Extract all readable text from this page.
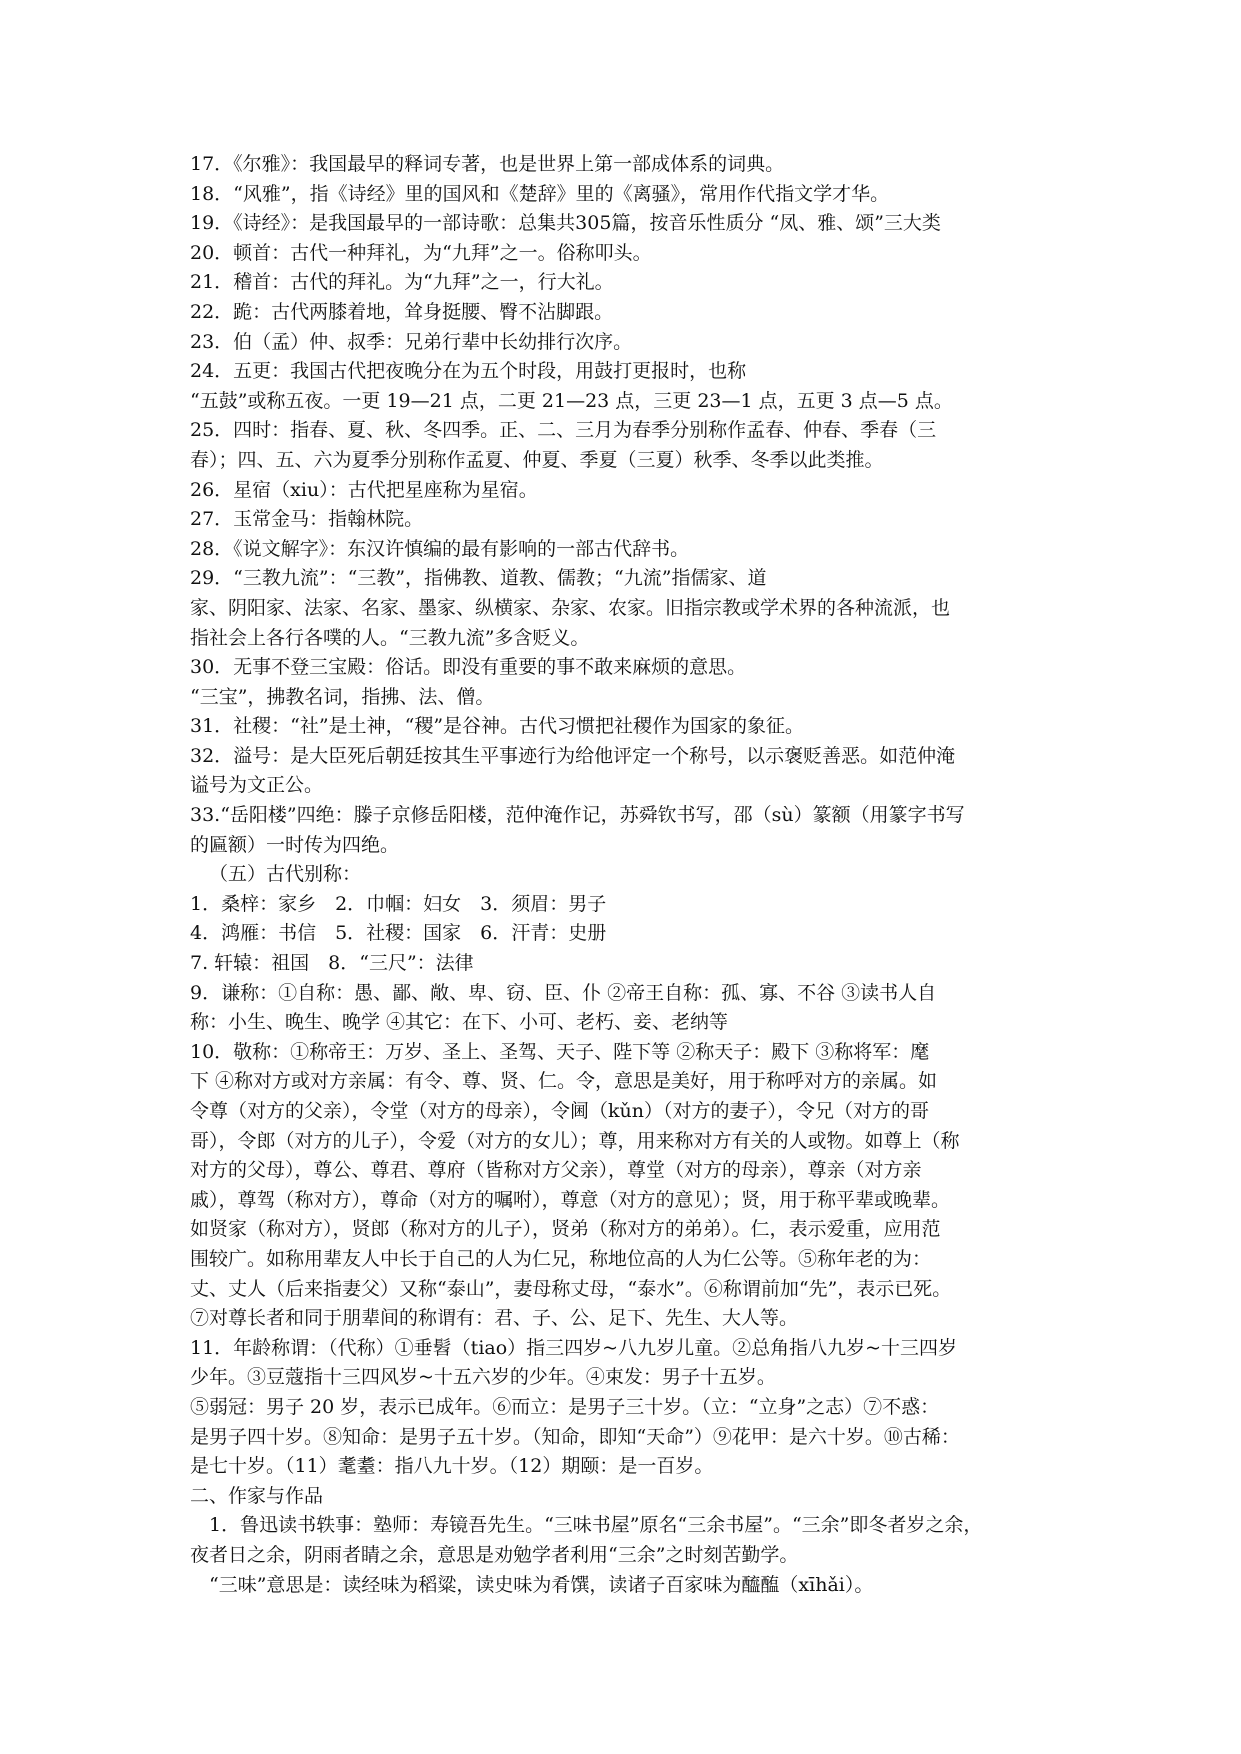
17．《尔雅》：我国最早的释词专著，也是世界上第一部成体系的词典。
18．“风雅”，指《诗经》里的国风和《楚辞》里的《离骚》，常用作代指文学才华。
19．《诗经》：是我国最早的一部诗歌：总集共305篇，按音乐性质分 “凤、雅、颂”三大类
20．顿首：古代一种拜礼，为“九拜”之一。俗称叩头。
21．稽首：古代的拜礼。为“九拜”之一，行大礼。
22．跪：古代两膝着地，耸身挺腰、臀不沾脚跟。
23．伯（孟）仲、叔季：兄弟行辈中长幼排行次序。
24．五更：我国古代把夜晚分在为五个时段，用鼓打更报时，也称
“五鼓”或称五夜。一更 19—21 点，二更 21—23 点，三更 23—1 点，五更 3 点—5 点。
25．四时：指春、夏、秋、冬四季。正、二、三月为春季分别称作孟春、仲春、季春（三
春）；四、五、六为夏季分别称作孟夏、仲夏、季夏（三夏）秋季、冬季以此类推。
26．星宿（xiu）：古代把星座称为星宿。
27．玉常金马：指翰林院。
28．《说文解字》：东汉许慎编的最有影响的一部古代辞书。
29．“三教九流”：“三教”，指佛教、道教、儒教；“九流”指儒家、道
家、阴阳家、法家、名家、墨家、纵横家、杂家、农家。旧指宗教或学术界的各种流派，也
指社会上各行各噗的人。“三教九流”多含贬义。
30．无事不登三宝殿：俗话。即没有重要的事不敢来麻烦的意思。
“三宝”，拂教名词，指拂、法、僧。
31．社稷：“社”是土神，“稷”是谷神。古代习惯把社稷作为国家的象征。
32．溢号：是大臣死后朝廷按其生平事迹行为给他评定一个称号，以示褒贬善恶。如范仲淹
谥号为文正公。
33.“岳阳楼”四绝：滕子京修岳阳楼，范仲淹作记，苏舜钦书写，邵（sù）篆额（用篆字书写
的匾额）一时传为四绝。
（五）古代别称：
1．桑梓：家乡　2．巾帼：妇女　3．须眉：男子
4．鸿雁：书信　5．社稷：国家　6．汗青：史册
7. 轩辕：祖国　8．“三尺”：法律
9．谦称：①自称：愚、鄙、敞、卑、窃、臣、仆 ②帝王自称：孤、寡、不谷 ③读书人自
称：小生、晚生、晚学 ④其它：在下、小可、老朽、妾、老纳等
10．敬称：①称帝王：万岁、圣上、圣驾、天子、陛下等 ②称天子：殿下 ③称将军：麾
下 ④称对方或对方亲属：有令、尊、贤、仁。令，意思是美好，用于称呼对方的亲属。如
令尊（对方的父亲），令堂（对方的母亲），令阃（kǔn）（对方的妻子），令兄（对方的哥
哥），令郎（对方的儿子），令爱（对方的女儿）；尊，用来称对方有关的人或物。如尊上（称
对方的父母），尊公、尊君、尊府（皆称对方父亲），尊堂（对方的母亲），尊亲（对方亲
戚），尊驾（称对方），尊命（对方的嘱咐），尊意（对方的意见）；贤，用于称平辈或晚辈。
如贤家（称对方），贤郎（称对方的儿子），贤弟（称对方的弟弟）。仁，表示爱重，应用范
围较广。如称用辈友人中长于自己的人为仁兄，称地位高的人为仁公等。⑤称年老的为：
丈、丈人（后来指妻父）又称“泰山”，妻母称丈母，“泰水”。⑥称谓前加“先”，表示已死。
⑦对尊长者和同于朋辈间的称谓有：君、子、公、足下、先生、大人等。
11．年龄称谓：（代称）①垂髫（tiao）指三四岁~八九岁儿童。②总角指八九岁~十三四岁
少年。③豆蔻指十三四风岁~十五六岁的少年。④束发：男子十五岁。
⑤弱冠：男子 20 岁，表示已成年。⑥而立：是男子三十岁。（立：“立身”之志）⑦不惑：
是男子四十岁。⑧知命：是男子五十岁。（知命，即知“天命”）⑨花甲：是六十岁。⑩古稀：
是七十岁。（11）耄耋：指八九十岁。（12）期颐：是一百岁。
二、作家与作品
1．鲁迅读书轶事：塾师：寿镜吾先生。“三味书屋”原名“三余书屋”。“三余”即冬者岁之余，
夜者日之余，阴雨者睛之余，意思是劝勉学者利用“三余”之时刻苦勤学。
“三味”意思是：读经味为稻粱，读史味为肴馔，读诸子百家味为醯醢（xīhǎi）。
